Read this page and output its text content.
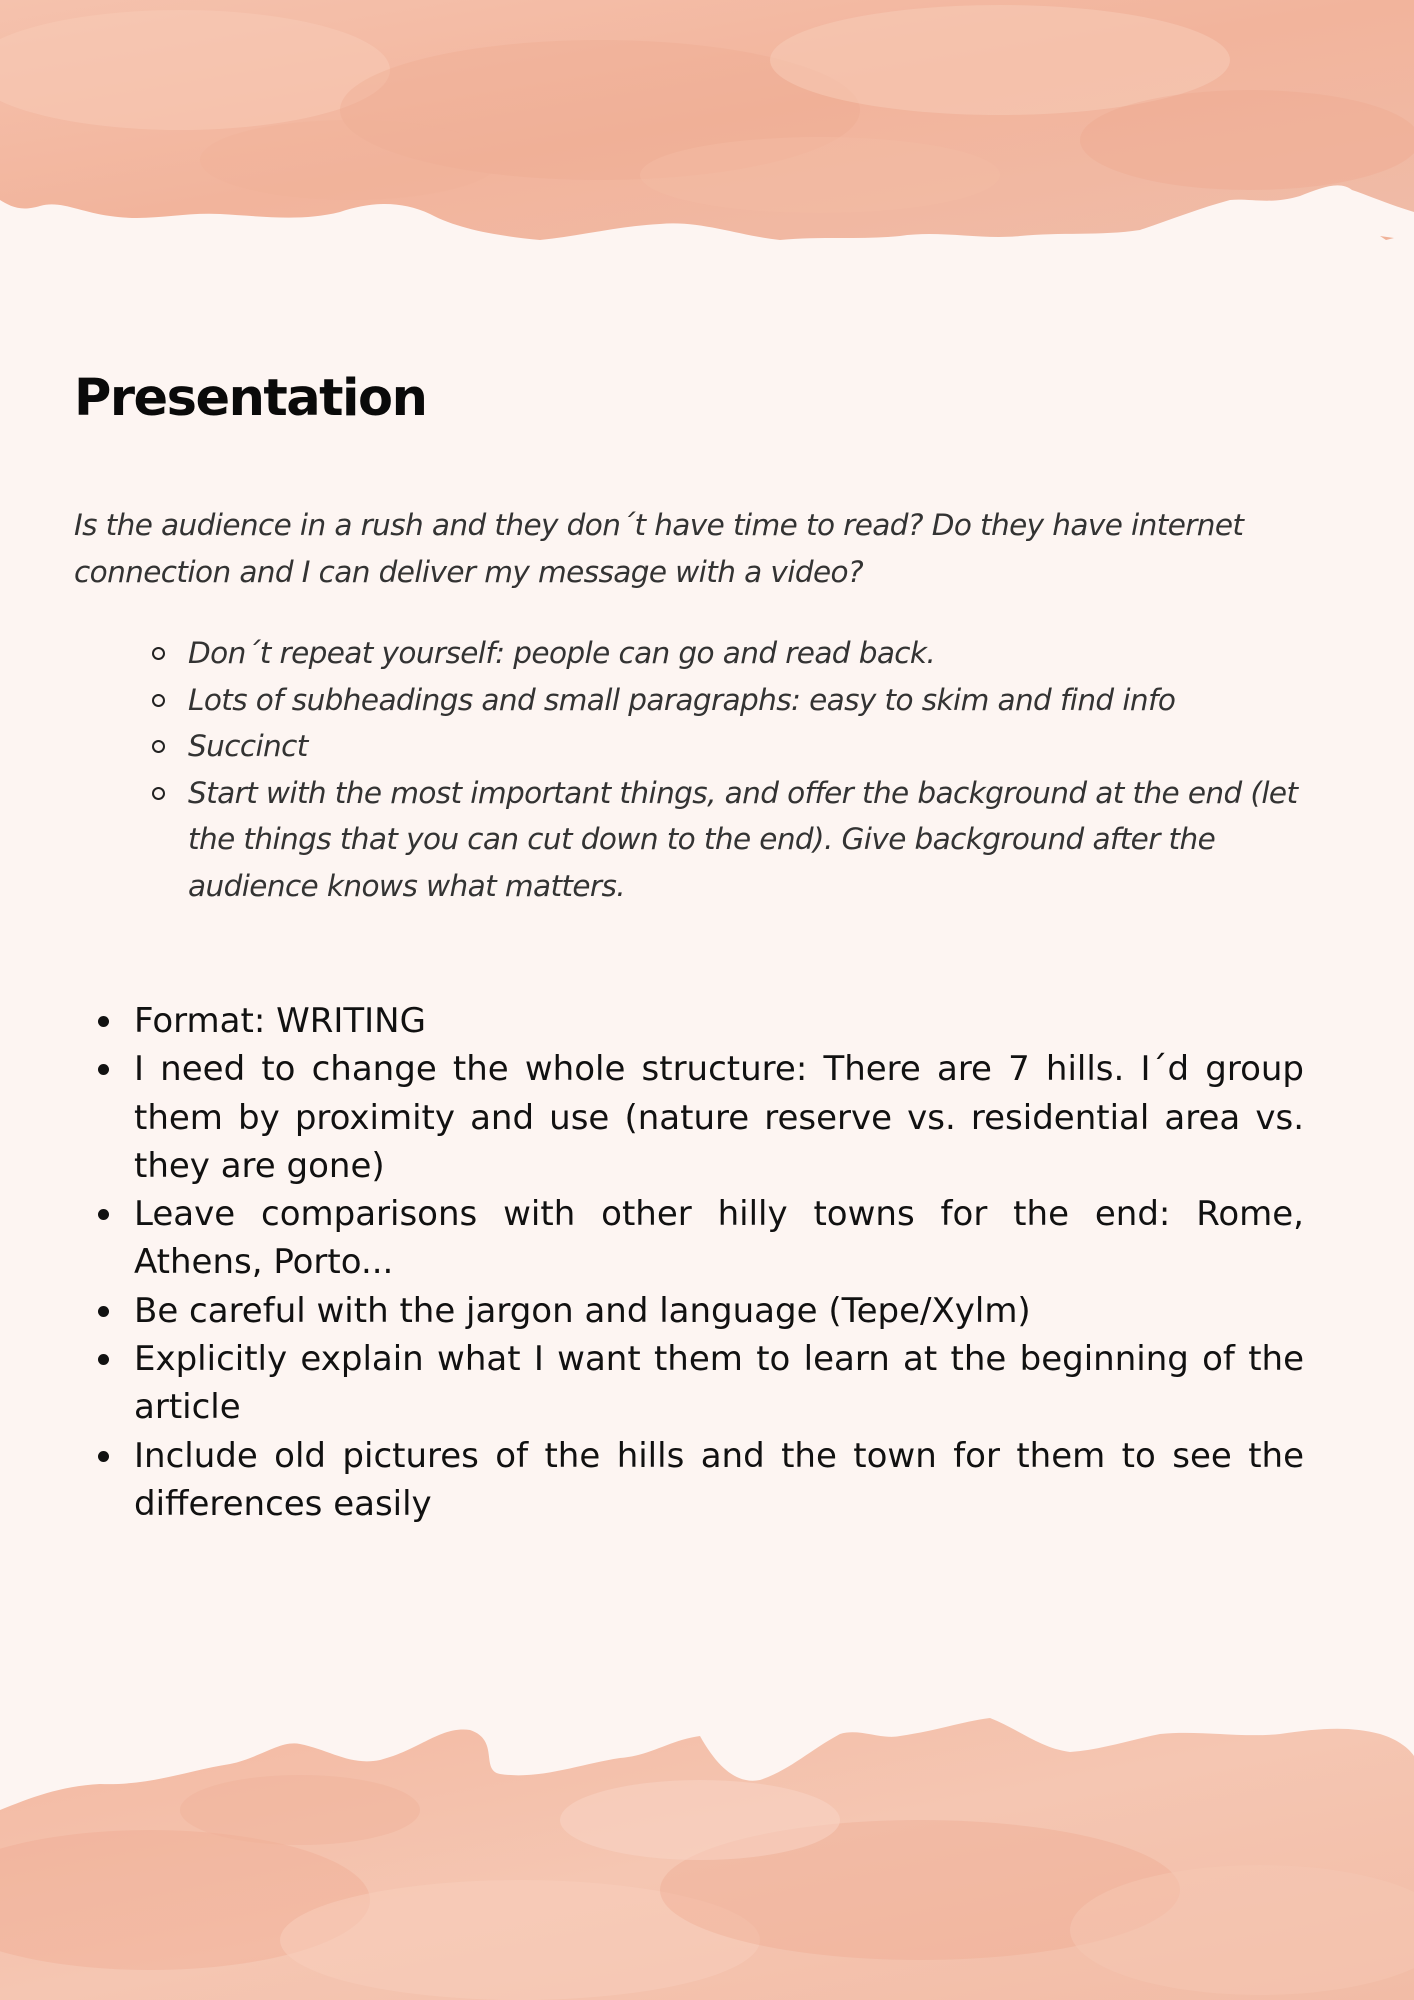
Presentation

Is the audience in a rush and they don´t have time to read? Do they have internet connection and I can deliver my message with a video?

Don´t repeat yourself: people can go and read back.
Lots of subheadings and small paragraphs: easy to skim and find info
Succinct
Start with the most important things, and offer the background at the end (let the things that you can cut down to the end). Give background after the audience knows what matters.
Format: WRITING
I need to change the whole structure: There are 7 hills. I´d group them by proximity and use (nature reserve vs. residential area vs. they are gone)
Leave comparisons with other hilly towns for the end: Rome, Athens, Porto...
Be careful with the jargon and language (Tepe/Xylm)
Explicitly explain what I want them to learn at the beginning of the article
Include old pictures of the hills and the town for them to see the differences easily
